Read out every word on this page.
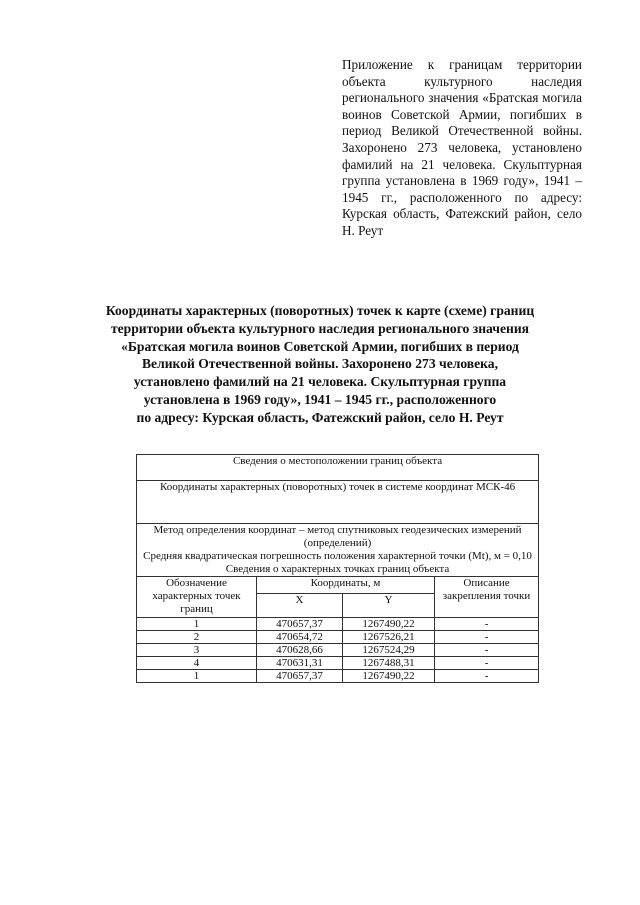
Приложение к границам территории объекта культурного наследия регионального значения «Братская могила воинов Советской Армии, погибших в период Великой Отечественной войны. Захоронено 273 человека, установлено фамилий на 21 человека. Скульптурная группа установлена в 1969 году», 1941 – 1945 гг., расположенного по адресу: Курская область, Фатежский район, село Н. Реут
Координаты характерных (поворотных) точек к карте (схеме) границ
территории объекта культурного наследия регионального значения
«Братская могила воинов Советской Армии, погибших в период
Великой Отечественной войны. Захоронено 273 человека,
установлено фамилий на 21 человека. Скульптурная группа
установлена в 1969 году», 1941 – 1945 гг., расположенного
по адресу: Курская область, Фатежский район, село Н. Реут
Сведения о местоположении границ объекта			
Координаты характерных (поворотных) точек в системе координат МСК-46			

Метод определения координат – метод спутниковых геодезических измерений (определений)
Средняя квадратическая погрешность положения характерной точки (Mt), м = 0,10
Сведения о характерных точках границ объекта			

Обозначение характерных точек границ	Координаты, м		Описание закрепления точки
	X	Y	
1	470657,37	1267490,22	-
2	470654,72	1267526,21	-
3	470628,66	1267524,29	-
4	470631,31	1267488,31	-
1	470657,37	1267490,22	-
